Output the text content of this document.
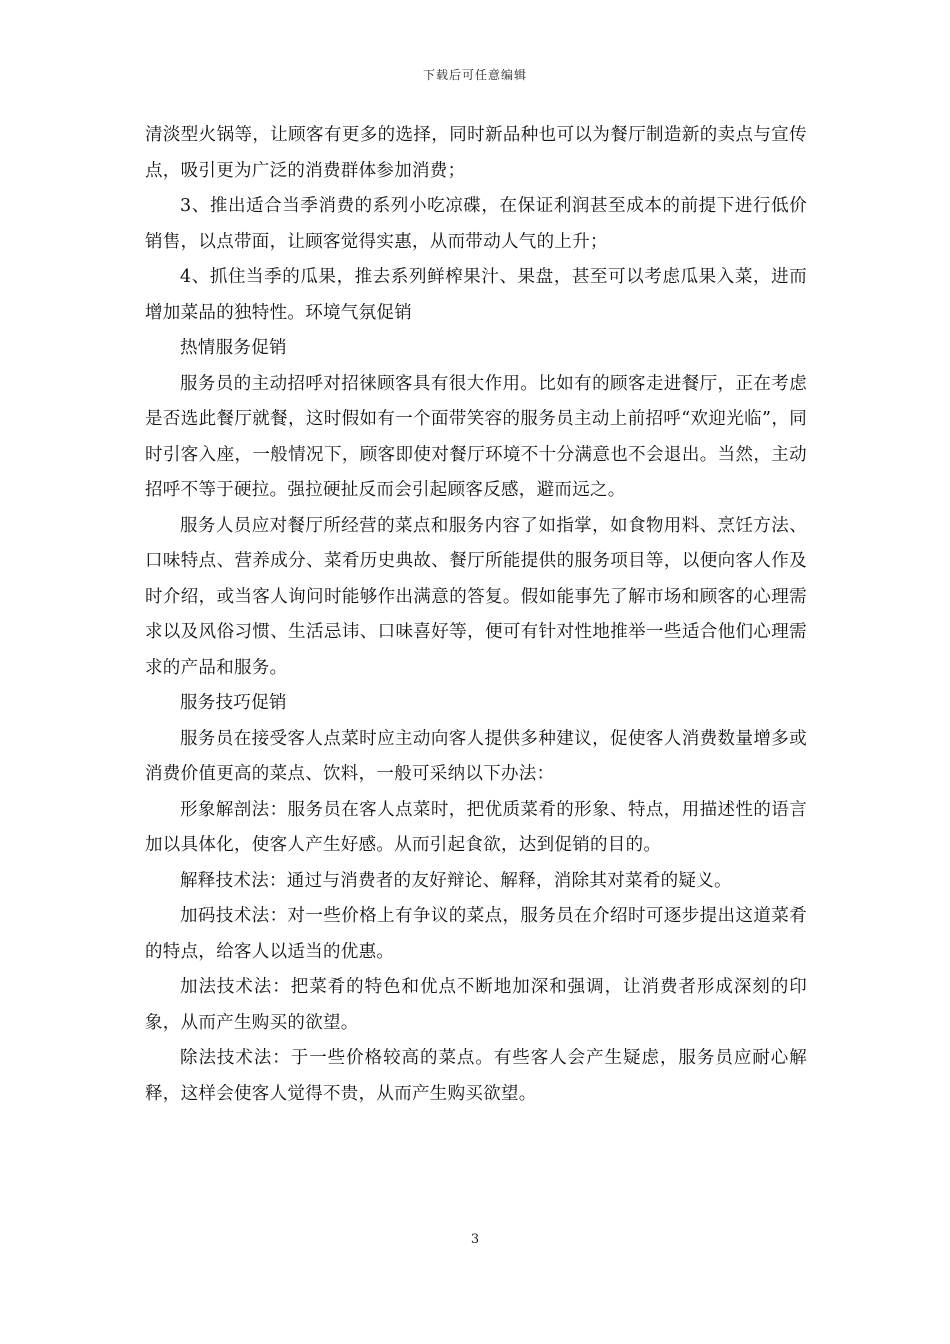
下载后可任意编辑

清淡型火锅等，让顾客有更多的选择，同时新品种也可以为餐厅制造新的卖点与宣传点，吸引更为广泛的消费群体参加消费；

3、推出适合当季消费的系列小吃凉碟，在保证利润甚至成本的前提下进行低价销售，以点带面，让顾客觉得实惠，从而带动人气的上升；

4、抓住当季的瓜果，推去系列鲜榨果汁、果盘，甚至可以考虑瓜果入菜，进而增加菜品的独特性。环境气氛促销

热情服务促销

服务员的主动招呼对招徕顾客具有很大作用。比如有的顾客走进餐厅，正在考虑是否选此餐厅就餐，这时假如有一个面带笑容的服务员主动上前招呼“欢迎光临”，同时引客入座，一般情况下，顾客即使对餐厅环境不十分满意也不会退出。当然，主动招呼不等于硬拉。强拉硬扯反而会引起顾客反感，避而远之。

服务人员应对餐厅所经营的菜点和服务内容了如指掌，如食物用料、烹饪方法、口味特点、营养成分、菜肴历史典故、餐厅所能提供的服务项目等，以便向客人作及时介绍，或当客人询问时能够作出满意的答复。假如能事先了解市场和顾客的心理需求以及风俗习惯、生活忌讳、口味喜好等，便可有针对性地推举一些适合他们心理需求的产品和服务。

服务技巧促销

服务员在接受客人点菜时应主动向客人提供多种建议，促使客人消费数量增多或消费价值更高的菜点、饮料，一般可采纳以下办法：

形象解剖法：服务员在客人点菜时，把优质菜肴的形象、特点，用描述性的语言加以具体化，使客人产生好感。从而引起食欲，达到促销的目的。

解释技术法：通过与消费者的友好辩论、解释，消除其对菜肴的疑义。

加码技术法：对一些价格上有争议的菜点，服务员在介绍时可逐步提出这道菜肴的特点，给客人以适当的优惠。

加法技术法：把菜肴的特色和优点不断地加深和强调，让消费者形成深刻的印象，从而产生购买的欲望。

除法技术法：于一些价格较高的菜点。有些客人会产生疑虑，服务员应耐心解释，这样会使客人觉得不贵，从而产生购买欲望。

3
